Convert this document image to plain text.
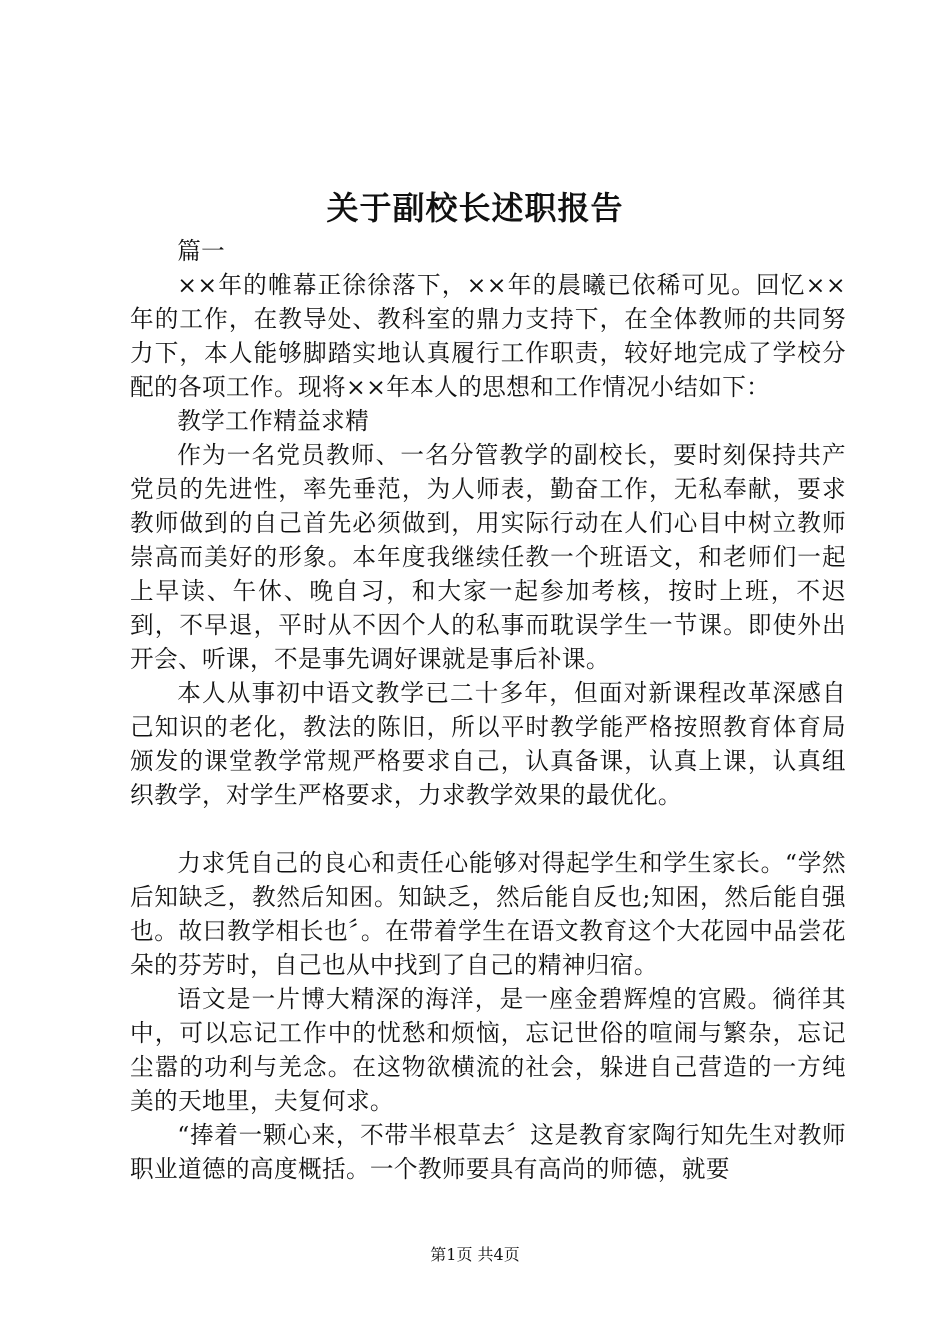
关于副校长述职报告

篇一

××年的帷幕正徐徐落下，××年的晨曦已依稀可见。回忆××年的工作，在教导处、教科室的鼎力支持下，在全体教师的共同努力下，本人能够脚踏实地认真履行工作职责，较好地完成了学校分配的各项工作。现将××年本人的思想和工作情况小结如下：

教学工作精益求精

作为一名党员教师、一名分管教学的副校长，要时刻保持共产党员的先进性，率先垂范，为人师表，勤奋工作，无私奉献，要求教师做到的自己首先必须做到，用实际行动在人们心目中树立教师崇高而美好的形象。本年度我继续任教一个班语文，和老师们一起上早读、午休、晚自习，和大家一起参加考核，按时上班，不迟到，不早退，平时从不因个人的私事而耽误学生一节课。即使外出开会、听课，不是事先调好课就是事后补课。

本人从事初中语文教学已二十多年，但面对新课程改革深感自己知识的老化，教法的陈旧，所以平时教学能严格按照教育体育局颁发的课堂教学常规严格要求自己，认真备课，认真上课，认真组织教学，对学生严格要求，力求教学效果的最优化。

力求凭自己的良心和责任心能够对得起学生和学生家长。“学然后知缺乏，教然后知困。知缺乏，然后能自反也;知困，然后能自强也。故曰教学相长也〞。在带着学生在语文教育这个大花园中品尝花朵的芬芳时，自己也从中找到了自己的精神归宿。

语文是一片博大精深的海洋，是一座金碧辉煌的宫殿。徜徉其中，可以忘记工作中的忧愁和烦恼，忘记世俗的喧闹与繁杂，忘记尘嚣的功利与羌念。在这物欲横流的社会，躲进自己营造的一方纯美的天地里，夫复何求。

“捧着一颗心来，不带半根草去〞这是教育家陶行知先生对教师职业道德的高度概括。一个教师要具有高尚的师德，就要

第1页 共4页
